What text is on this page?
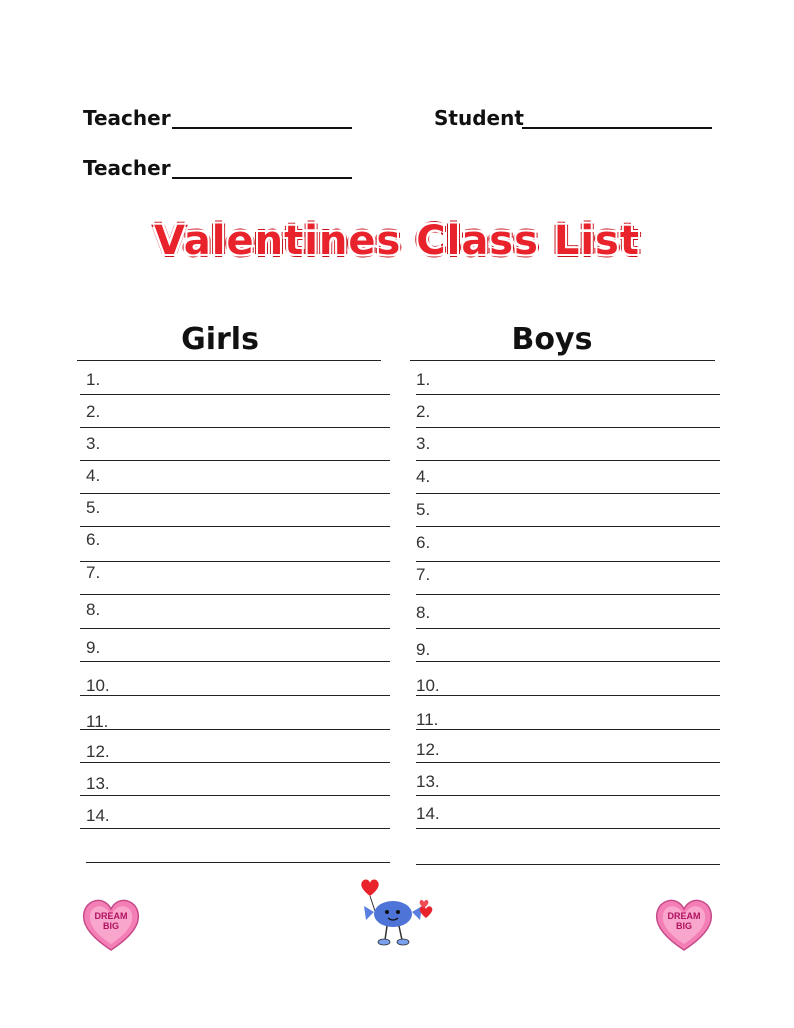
Teacher	Student
Teacher
Valentines Class List
Girls	Boys
1.
2.
3.
4.
5.
6.
7.
8.
9.
10.
11.
12.
13.
14.
1.
2.
3.
4.
5.
6.
7.
8.
9.
10.
11.
12.
13.
14.
DREAM
BIG
DREAM
BIG
